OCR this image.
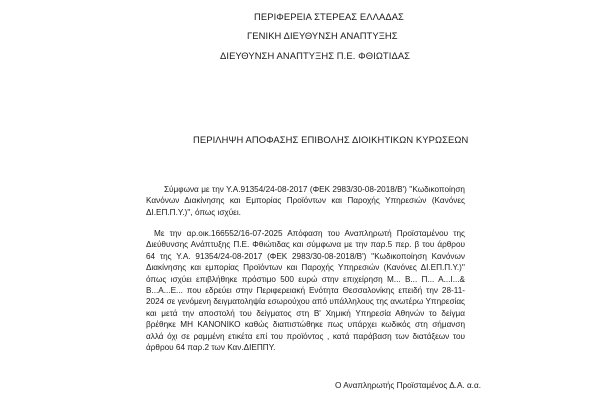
ΠΕΡΙΦΕΡΕΙΑ ΣΤΕΡΕΑΣ ΕΛΛΑΔΑΣ
ΓΕΝΙΚΗ ΔΙΕΥΘΥΝΣΗ ΑΝΑΠΤΥΞΗΣ
ΔΙΕΥΘΥΝΣΗ ΑΝΑΠΤΥΞΗΣ Π.Ε. ΦΘΙΩΤΙΔΑΣ
ΠΕΡΙΛΗΨΗ ΑΠΟΦΑΣΗΣ ΕΠΙΒΟΛΗΣ ΔΙΟΙΚΗΤΙΚΩΝ ΚΥΡΩΣΕΩΝ
Σύμφωνα με την Υ.Α.91354/24-08-2017 (ΦΕΚ 2983/30-08-2018/Β') ''Κωδικοποίηση Κανόνων Διακίνησης και Εμπορίας Προϊόντων και Παροχής Υπηρεσιών (Κανόνες ΔΙ.ΕΠ.Π.Υ.)'', όπως ισχύει.
Με την αρ.οικ.166552/16-07-2025 Απόφαση του Αναπληρωτή Προϊσταμένου της Διεύθυνσης Ανάπτυξης Π.Ε. Φθιώτιδας και σύμφωνα με την παρ.5 περ. β του άρθρου 64 της Υ.Α. 91354/24-08-2017 (ΦΕΚ 2983/30-08-2018/Β') ''Κωδικοποίηση Κανόνων Διακίνησης και εμπορίας Προϊόντων και Παροχής Υπηρεσιών (Κανόνες ΔΙ.ΕΠ.Π.Υ.)'' όπως ισχύει επιβλήθηκε πρόστιμο 500 ευρώ στην επιχείρηση Μ... Β... Π... Α...Ι...& Β...Α...Ε... που εδρεύει στην Περιφερειακή Ενότητα Θεσσαλονίκης επειδή την 28-11-2024 σε γενόμενη δειγματοληψία εσωρούχου από υπάλληλους της ανωτέρω Υπηρεσίας και μετά την αποστολή του δείγματος στη Β' Χημική Υπηρεσία Αθηνών το δείγμα βρέθηκε ΜΗ ΚΑΝΟΝΙΚΟ καθώς διαπιστώθηκε πως υπάρχει κωδικός στη σήμανση αλλά όχι σε ραμμένη ετικέτα επί του προϊόντος , κατά παράβαση των διατάξεων του άρθρου 64 παρ.2 των Καν.ΔΙΕΠΠΥ.
Ο Αναπληρωτής Προϊσταμένος Δ.Α. α.α.
